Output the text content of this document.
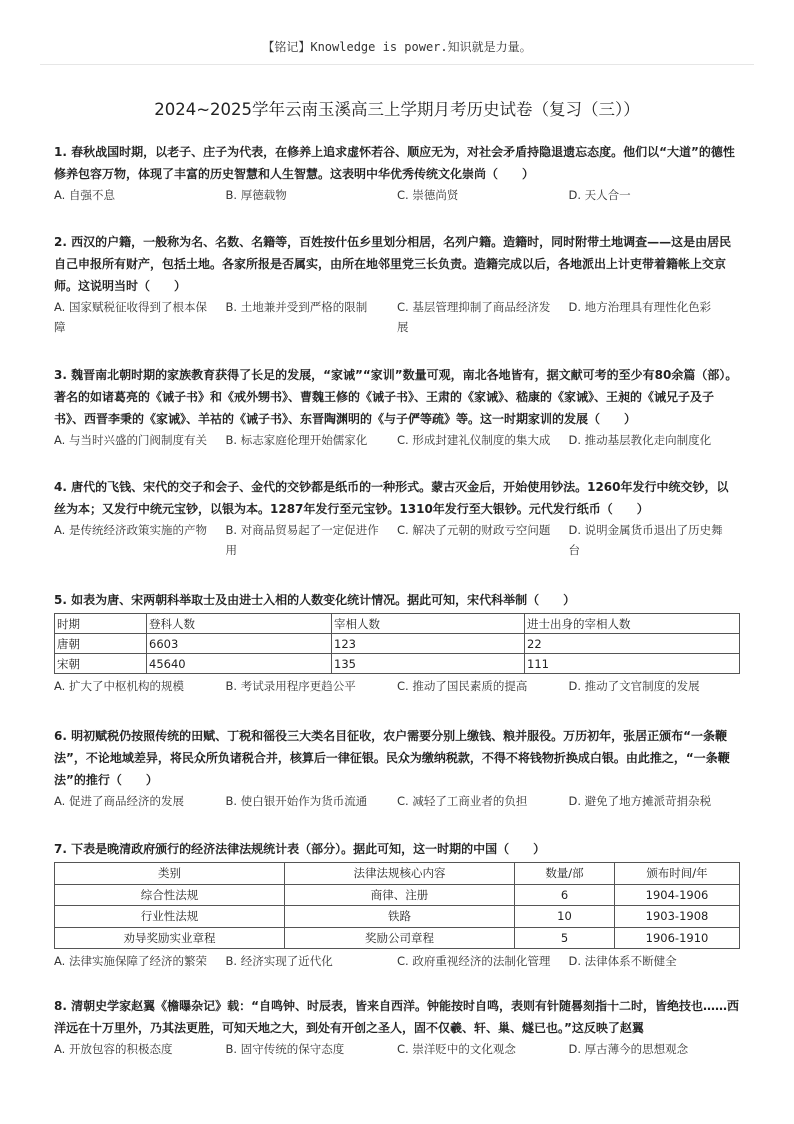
【铭记】Knowledge is power.知识就是力量。
2024~2025学年云南玉溪高三上学期月考历史试卷（复习（三））
1. 春秋战国时期，以老子、庄子为代表，在修养上追求虚怀若谷、顺应无为，对社会矛盾持隐退遗忘态度。他们以“大道”的德性修养包容万物，体现了丰富的历史智慧和人生智慧。这表明中华优秀传统文化崇尚（　　）
A. 自强不息	B. 厚德载物	C. 崇德尚贤	D. 天人合一
2. 西汉的户籍，一般称为名、名数、名籍等，百姓按什伍乡里划分相居，名列户籍。造籍时，同时附带土地调查——这是由居民自己申报所有财产，包括土地。各家所报是否属实，由所在地邻里党三长负责。造籍完成以后，各地派出上计吏带着籍帐上交京师。这说明当时（　　）
A. 国家赋税征收得到了根本保障
B. 土地兼并受到严格的限制	C. 基层管理抑制了商品经济发展
D. 地方治理具有理性化色彩
3. 魏晋南北朝时期的家族教育获得了长足的发展，“家诫”“家训”数量可观，南北各地皆有，据文献可考的至少有80余篇（部）。著名的如诸葛亮的《诫子书》和《戒外甥书》、曹魏王修的《诫子书》、王肃的《家诫》、嵇康的《家诫》、王昶的《诫兄子及子书》、西晋李秉的《家诫》、羊祜的《诫子书》、东晋陶渊明的《与子俨等疏》等。这一时期家训的发展（　　）
A. 与当时兴盛的门阀制度有关	B. 标志家庭伦理开始儒家化	C. 形成封建礼仪制度的集大成	D. 推动基层教化走向制度化
4. 唐代的飞钱、宋代的交子和会子、金代的交钞都是纸币的一种形式。蒙古灭金后，开始使用钞法。1260年发行中统交钞，以丝为本；又发行中统元宝钞，以银为本。1287年发行至元宝钞。1310年发行至大银钞。元代发行纸币（　　）
A. 是传统经济政策实施的产物	B. 对商品贸易起了一定促进作用
C. 解决了元朝的财政亏空问题	D. 说明金属货币退出了历史舞台
5. 如表为唐、宋两朝科举取士及由进士入相的人数变化统计情况。据此可知，宋代科举制（　　）
时期	登科人数	宰相人数	进士出身的宰相人数
唐朝	6603	123	22
宋朝	45640	135	111
A. 扩大了中枢机构的规模	B. 考试录用程序更趋公平	C. 推动了国民素质的提高	D. 推动了文官制度的发展
6. 明初赋税仍按照传统的田赋、丁税和徭役三大类名目征收，农户需要分别上缴钱、粮并服役。万历初年，张居正颁布“一条鞭法”，不论地域差异，将民众所负诸税合并，核算后一律征银。民众为缴纳税款，不得不将钱物折换成白银。由此推之，“一条鞭法”的推行（　　）
A. 促进了商品经济的发展	B. 使白银开始作为货币流通	C. 减轻了工商业者的负担	D. 避免了地方摊派苛捐杂税
7. 下表是晚清政府颁行的经济法律法规统计表（部分）。据此可知，这一时期的中国（　　）
类别	法律法规核心内容	数量/部	颁布时间/年
综合性法规	商律、注册	6	1904-1906
行业性法规	铁路	10	1903-1908
劝导奖励实业章程	奖励公司章程	5	1906-1910
A. 法律实施保障了经济的繁荣	B. 经济实现了近代化	C. 政府重视经济的法制化管理	D. 法律体系不断健全
8. 清朝史学家赵翼《檐曝杂记》载：“自鸣钟、时辰表，皆来自西洋。钟能按时自鸣，表则有针随晷刻指十二时，皆绝技也……西洋远在十万里外，乃其法更胜，可知天地之大，到处有开创之圣人，固不仅羲、轩、巢、燧已也。”这反映了赵翼
A. 开放包容的积极态度	B. 固守传统的保守态度	C. 崇洋贬中的文化观念	D. 厚古薄今的思想观念
